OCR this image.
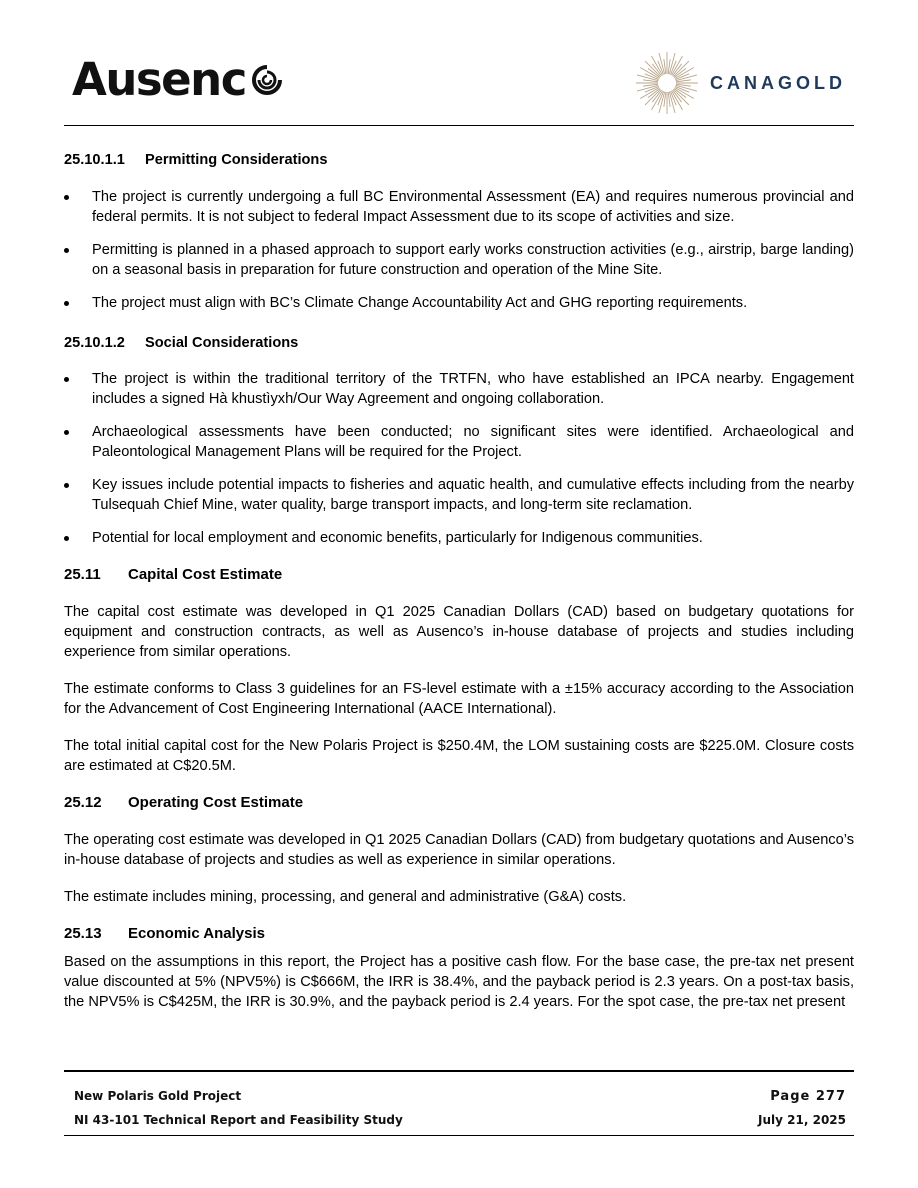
Ausenc	CANAGOLD
25.10.1.1 Permitting Considerations
The project is currently undergoing a full BC Environmental Assessment (EA) and requires numerous provincial and federal permits. It is not subject to federal Impact Assessment due to its scope of activities and size.
Permitting is planned in a phased approach to support early works construction activities (e.g., airstrip, barge landing) on a seasonal basis in preparation for future construction and operation of the Mine Site.
The project must align with BC’s Climate Change Accountability Act and GHG reporting requirements.
25.10.1.2 Social Considerations
The project is within the traditional territory of the TRTFN, who have established an IPCA nearby. Engagement includes a signed Hà khustìyxh/Our Way Agreement and ongoing collaboration.
Archaeological assessments have been conducted; no significant sites were identified. Archaeological and Paleontological Management Plans will be required for the Project.
Key issues include potential impacts to fisheries and aquatic health, and cumulative effects including from the nearby Tulsequah Chief Mine, water quality, barge transport impacts, and long-term site reclamation.
Potential for local employment and economic benefits, particularly for Indigenous communities.
25.11 Capital Cost Estimate

The capital cost estimate was developed in Q1 2025 Canadian Dollars (CAD) based on budgetary quotations for equipment and construction contracts, as well as Ausenco’s in-house database of projects and studies including experience from similar operations.

The estimate conforms to Class 3 guidelines for an FS-level estimate with a ±15% accuracy according to the Association for the Advancement of Cost Engineering International (AACE International).

The total initial capital cost for the New Polaris Project is $250.4M, the LOM sustaining costs are $225.0M. Closure costs are estimated at C$20.5M.

25.12 Operating Cost Estimate

The operating cost estimate was developed in Q1 2025 Canadian Dollars (CAD) from budgetary quotations and Ausenco’s in-house database of projects and studies as well as experience in similar operations.

The estimate includes mining, processing, and general and administrative (G&A) costs.

25.13 Economic Analysis

Based on the assumptions in this report, the Project has a positive cash flow. For the base case, the pre-tax net present value discounted at 5% (NPV5%) is C$666M, the IRR is 38.4%, and the payback period is 2.3 years. On a post-tax basis, the NPV5% is C$425M, the IRR is 30.9%, and the payback period is 2.4 years. For the spot case, the pre-tax net present

New Polaris Gold Project	Page 277
NI 43-101 Technical Report and Feasibility Study	July 21, 2025
